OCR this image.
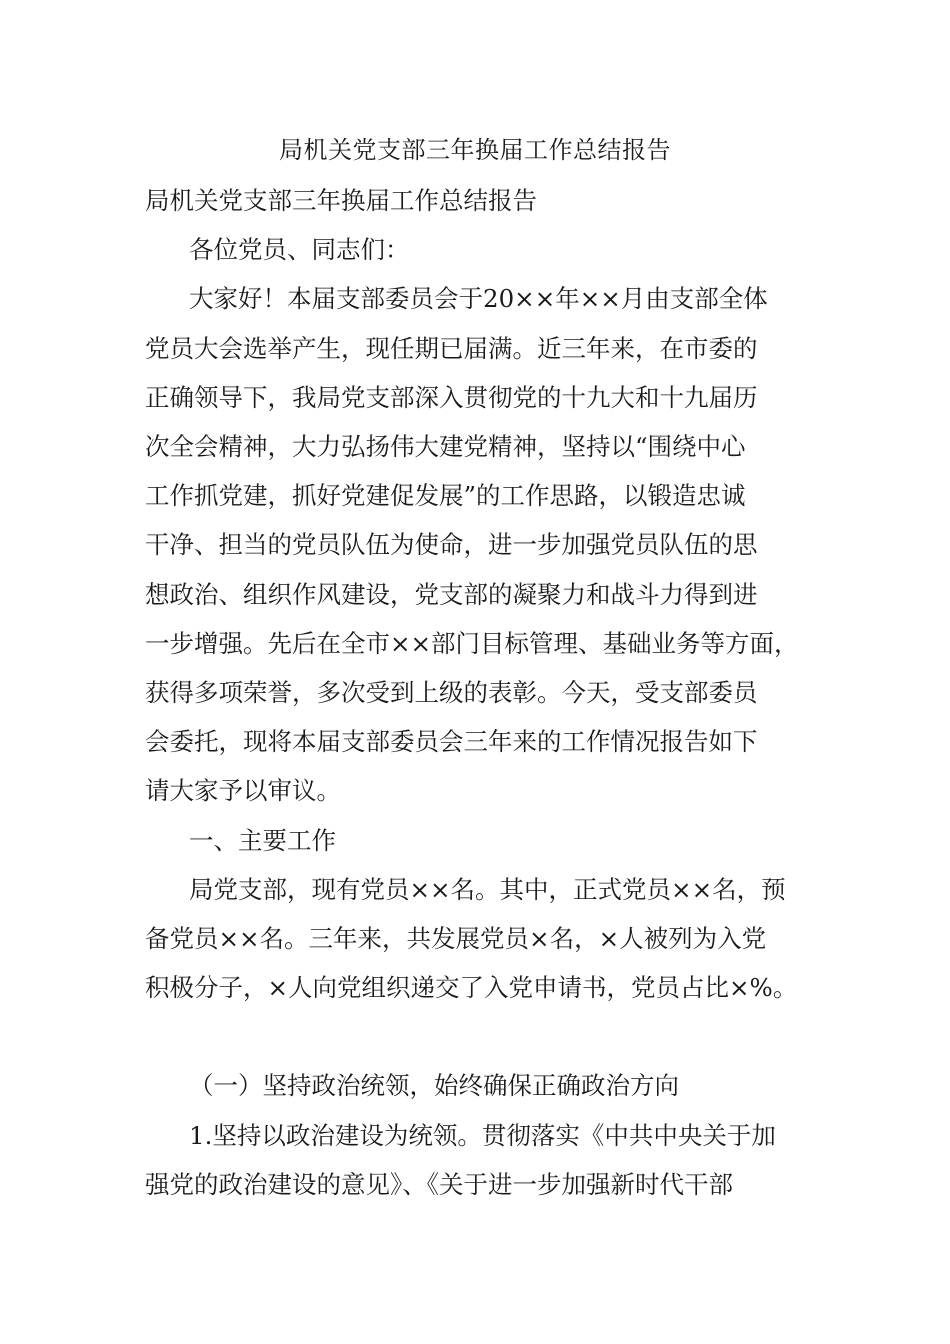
局机关党支部三年换届工作总结报告

局机关党支部三年换届工作总结报告

各位党员、同志们：

大家好！本届支部委员会于20××年××月由支部全体

党员大会选举产生，现任期已届满。近三年来，在市委的

正确领导下，我局党支部深入贯彻党的十九大和十九届历

次全会精神，大力弘扬伟大建党精神，坚持以“围绕中心

工作抓党建，抓好党建促发展”的工作思路，以锻造忠诚

干净、担当的党员队伍为使命，进一步加强党员队伍的思

想政治、组织作风建设，党支部的凝聚力和战斗力得到进

一步增强。先后在全市××部门目标管理、基础业务等方面，

获得多项荣誉，多次受到上级的表彰。今天，受支部委员

会委托，现将本届支部委员会三年来的工作情况报告如下

请大家予以审议。

一、主要工作

局党支部，现有党员××名。其中，正式党员××名，预

备党员××名。三年来，共发展党员×名，×人被列为入党

积极分子，×人向党组织递交了入党申请书，党员占比×%。

（一）坚持政治统领，始终确保正确政治方向

1.坚持以政治建设为统领。贯彻落实《中共中央关于加

强党的政治建设的意见》、《关于进一步加强新时代干部
